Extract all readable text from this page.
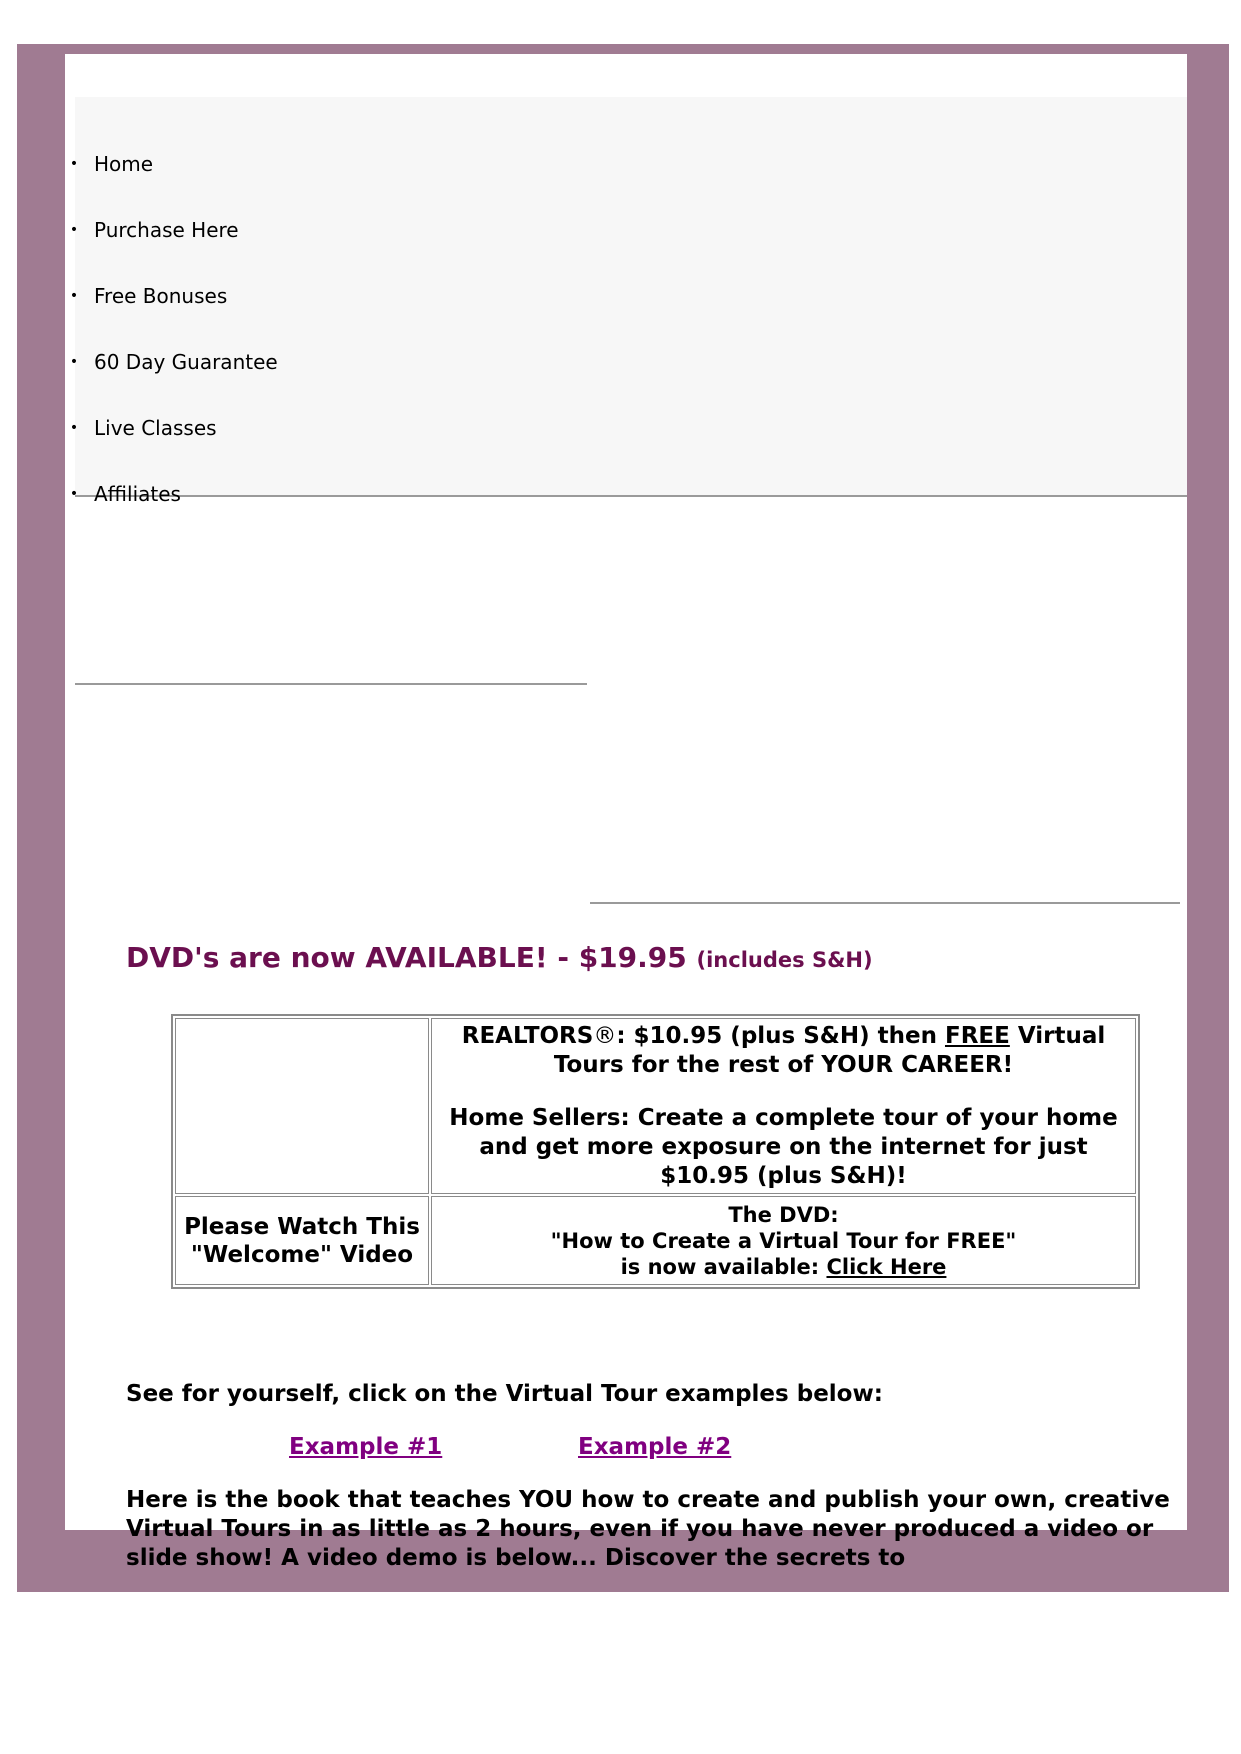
• Home
• Purchase Here
• Free Bonuses
• 60 Day Guarantee
• Live Classes
• Affiliates
DVD's are now AVAILABLE! - $19.95 (includes S&H)

	REALTORS®: $10.95 (plus S&H) then FREE Virtual Tours for the rest of YOUR CAREER!

Home Sellers: Create a complete tour of your home and get more exposure on the internet for just $10.95 (plus S&H)!

Please Watch This
"Welcome" Video	The DVD:
"How to Create a Virtual Tour for FREE"
is now available: Click Here
See for yourself, click on the Virtual Tour examples below:
Example #1	Example #2
Here is the book that teaches YOU how to create and publish your own, creative Virtual Tours in as little as 2 hours, even if you have never produced a video or slide show! A video demo is below... Discover the secrets to
